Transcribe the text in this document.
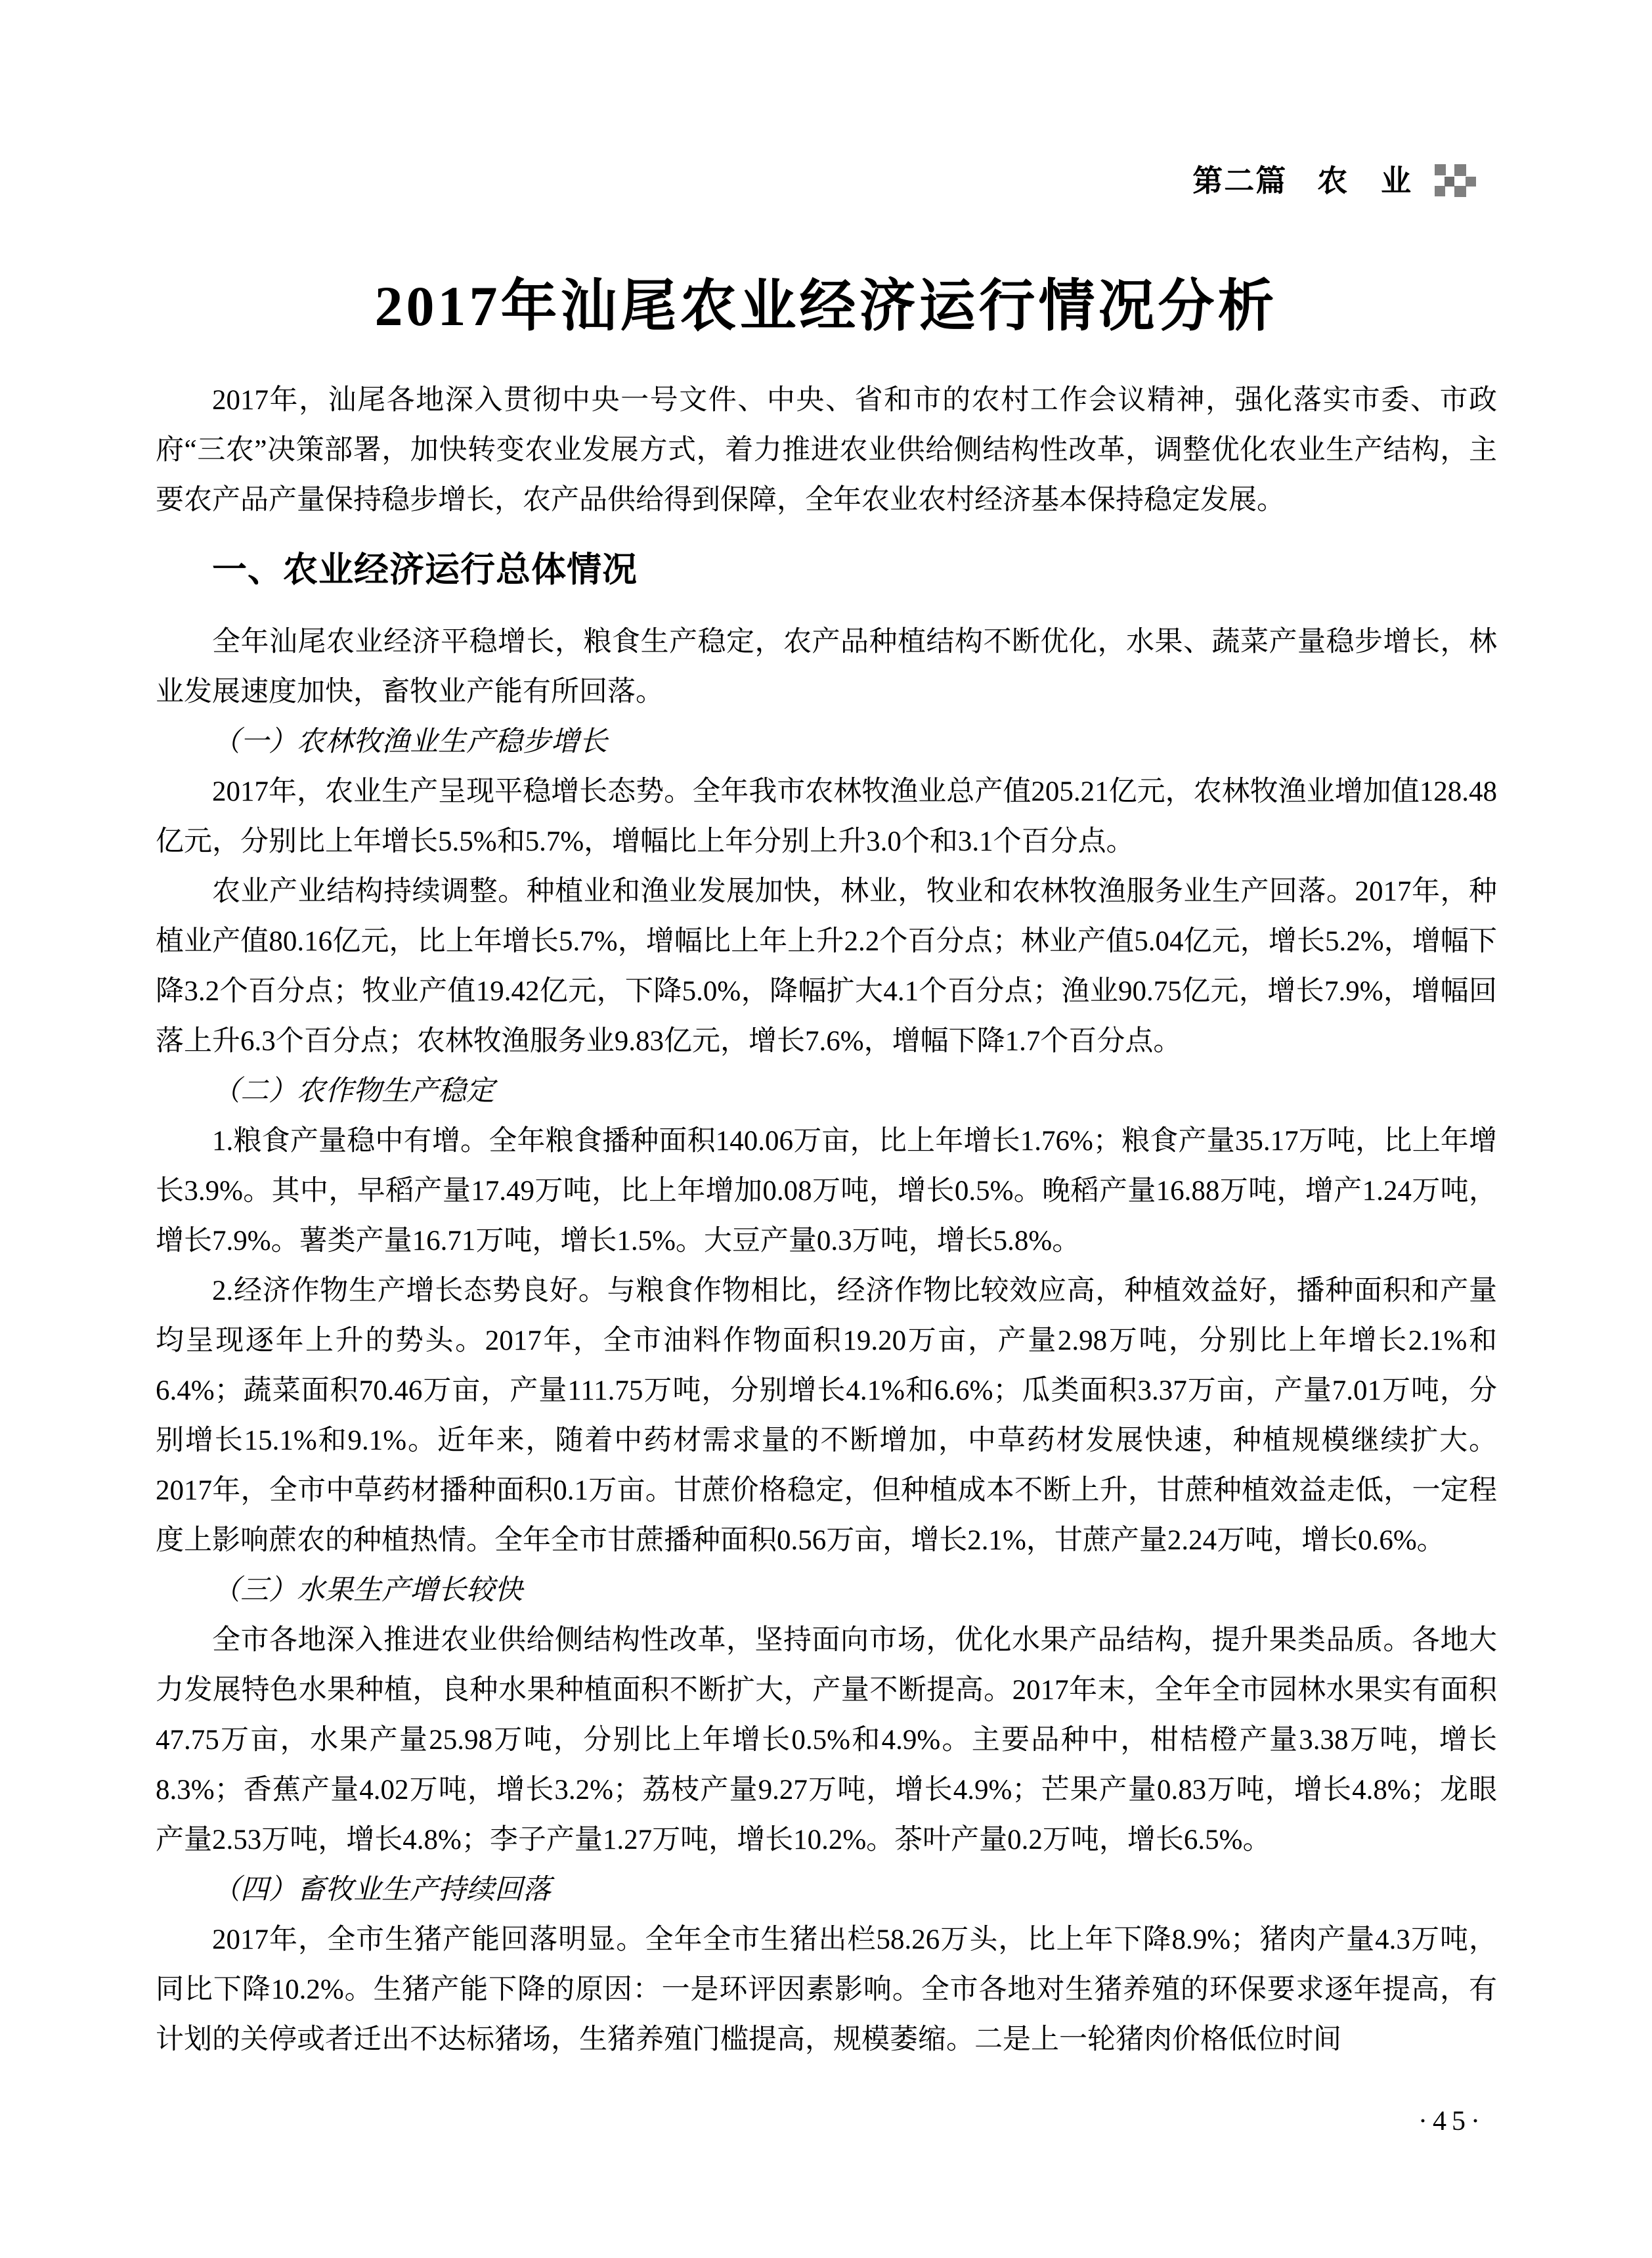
第二篇 农 业
2017年汕尾农业经济运行情况分析

2017年，汕尾各地深入贯彻中央一号文件、中央、省和市的农村工作会议精神，强化落实市委、市政府“三农”决策部署，加快转变农业发展方式，着力推进农业供给侧结构性改革，调整优化农业生产结构，主要农产品产量保持稳步增长，农产品供给得到保障，全年农业农村经济基本保持稳定发展。

一、农业经济运行总体情况

全年汕尾农业经济平稳增长，粮食生产稳定，农产品种植结构不断优化，水果、蔬菜产量稳步增长，林业发展速度加快，畜牧业产能有所回落。

（一）农林牧渔业生产稳步增长

2017年，农业生产呈现平稳增长态势。全年我市农林牧渔业总产值205.21亿元，农林牧渔业增加值128.48亿元，分别比上年增长5.5%和5.7%，增幅比上年分别上升3.0个和3.1个百分点。

农业产业结构持续调整。种植业和渔业发展加快，林业，牧业和农林牧渔服务业生产回落。2017年，种植业产值80.16亿元，比上年增长5.7%，增幅比上年上升2.2个百分点；林业产值5.04亿元，增长5.2%，增幅下降3.2个百分点；牧业产值19.42亿元，下降5.0%，降幅扩大4.1个百分点；渔业90.75亿元，增长7.9%，增幅回落上升6.3个百分点；农林牧渔服务业9.83亿元，增长7.6%，增幅下降1.7个百分点。

（二）农作物生产稳定

1.粮食产量稳中有增。全年粮食播种面积140.06万亩，比上年增长1.76%；粮食产量35.17万吨，比上年增长3.9%。其中，早稻产量17.49万吨，比上年增加0.08万吨，增长0.5%。晚稻产量16.88万吨，增产1.24万吨，增长7.9%。薯类产量16.71万吨，增长1.5%。大豆产量0.3万吨，增长5.8%。

2.经济作物生产增长态势良好。与粮食作物相比，经济作物比较效应高，种植效益好，播种面积和产量均呈现逐年上升的势头。2017年，全市油料作物面积19.20万亩，产量2.98万吨，分别比上年增长2.1%和6.4%；蔬菜面积70.46万亩，产量111.75万吨，分别增长4.1%和6.6%；瓜类面积3.37万亩，产量7.01万吨，分别增长15.1%和9.1%。近年来，随着中药材需求量的不断增加，中草药材发展快速，种植规模继续扩大。2017年，全市中草药材播种面积0.1万亩。甘蔗价格稳定，但种植成本不断上升，甘蔗种植效益走低，一定程度上影响蔗农的种植热情。全年全市甘蔗播种面积0.56万亩，增长2.1%，甘蔗产量2.24万吨，增长0.6%。

（三）水果生产增长较快

全市各地深入推进农业供给侧结构性改革，坚持面向市场，优化水果产品结构，提升果类品质。各地大力发展特色水果种植，良种水果种植面积不断扩大，产量不断提高。2017年末，全年全市园林水果实有面积47.75万亩，水果产量25.98万吨，分别比上年增长0.5%和4.9%。主要品种中，柑桔橙产量3.38万吨，增长8.3%；香蕉产量4.02万吨，增长3.2%；荔枝产量9.27万吨，增长4.9%；芒果产量0.83万吨，增长4.8%；龙眼产量2.53万吨，增长4.8%；李子产量1.27万吨，增长10.2%。茶叶产量0.2万吨，增长6.5%。

（四）畜牧业生产持续回落

2017年，全市生猪产能回落明显。全年全市生猪出栏58.26万头，比上年下降8.9%；猪肉产量4.3万吨，同比下降10.2%。生猪产能下降的原因：一是环评因素影响。全市各地对生猪养殖的环保要求逐年提高，有计划的关停或者迁出不达标猪场，生猪养殖门槛提高，规模萎缩。二是上一轮猪肉价格低位时间

·45·
